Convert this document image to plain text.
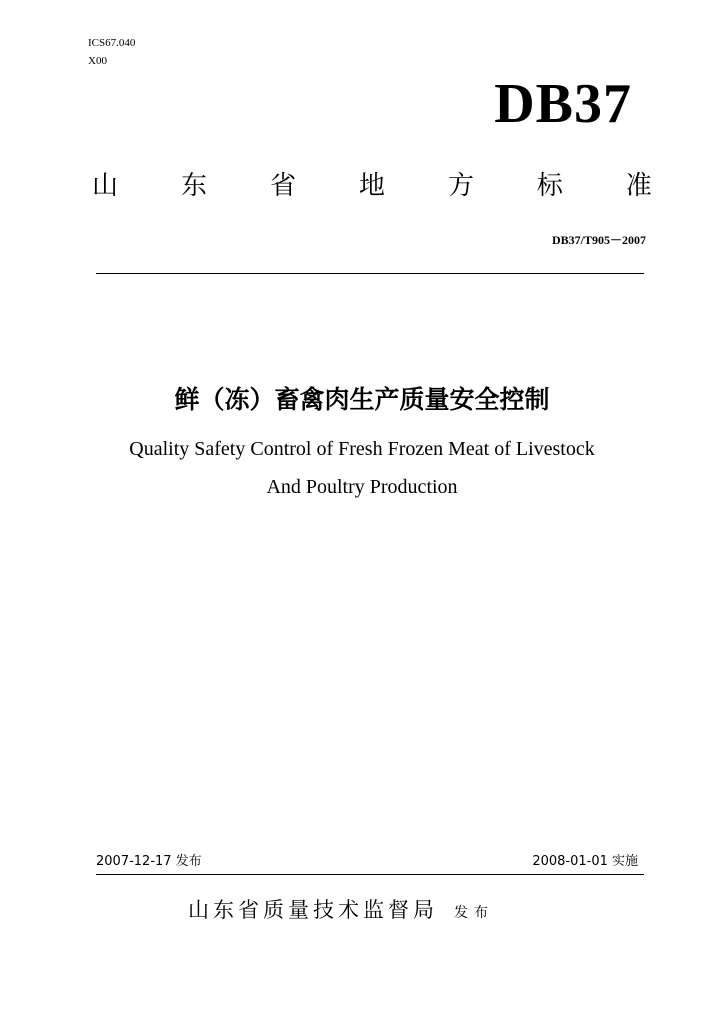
ICS67.040
X00
DB37
山 东 省 地 方 标 准
DB37/T905－2007
鲜（冻）畜禽肉生产质量安全控制
Quality Safety Control of Fresh Frozen Meat of Livestock
And Poultry Production
2007-12-17 发布	2008-01-01 实施
山东省质量技术监督局 发布
